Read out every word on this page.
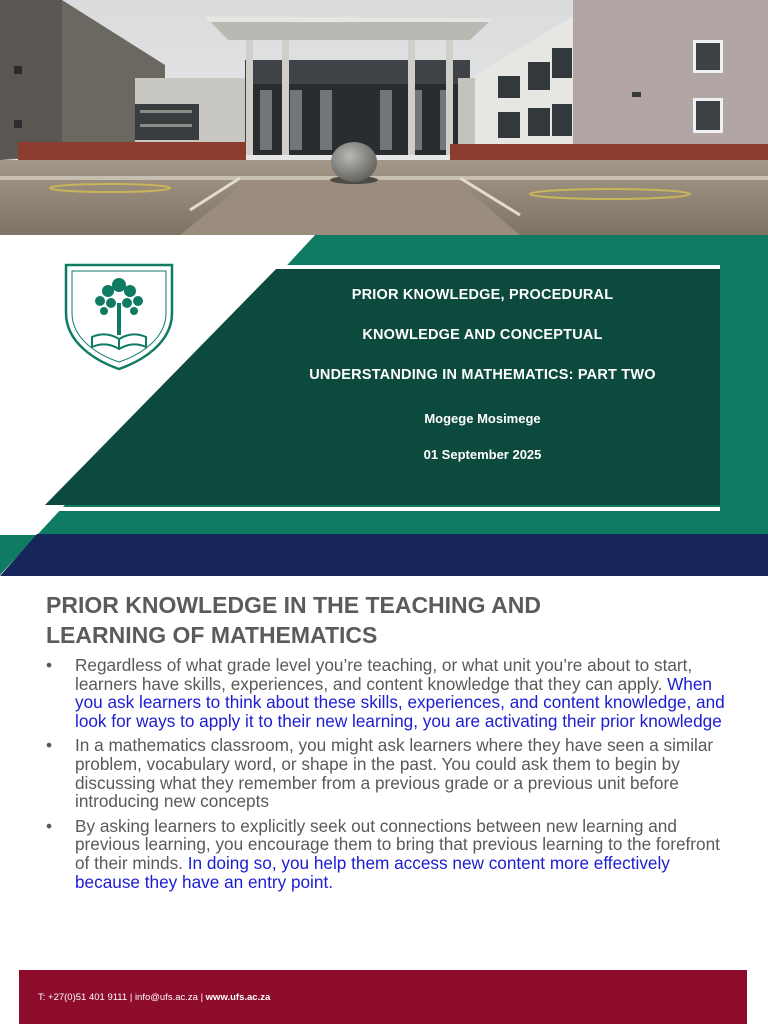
PRIOR KNOWLEDGE, PROCEDURAL
KNOWLEDGE AND CONCEPTUAL
UNDERSTANDING IN MATHEMATICS: PART TWO
Mogege Mosimege
01 September 2025
PRIOR KNOWLEDGE IN THE TEACHING AND
LEARNING OF MATHEMATICS
• Regardless of what grade level you’re teaching, or what unit you’re about to start, learners have skills, experiences, and content knowledge that they can apply. When you ask learners to think about these skills, experiences, and content knowledge, and look for ways to apply it to their new learning, you are activating their prior knowledge
• In a mathematics classroom, you might ask learners where they have seen a similar problem, vocabulary word, or shape in the past. You could ask them to begin by discussing what they remember from a previous grade or a previous unit before introducing new concepts
• By asking learners to explicitly seek out connections between new learning and previous learning, you encourage them to bring that previous learning to the forefront of their minds. In doing so, you help them access new content more effectively because they have an entry point.
T: +27(0)51 401 9111 | info@ufs.ac.za | www.ufs.ac.za
